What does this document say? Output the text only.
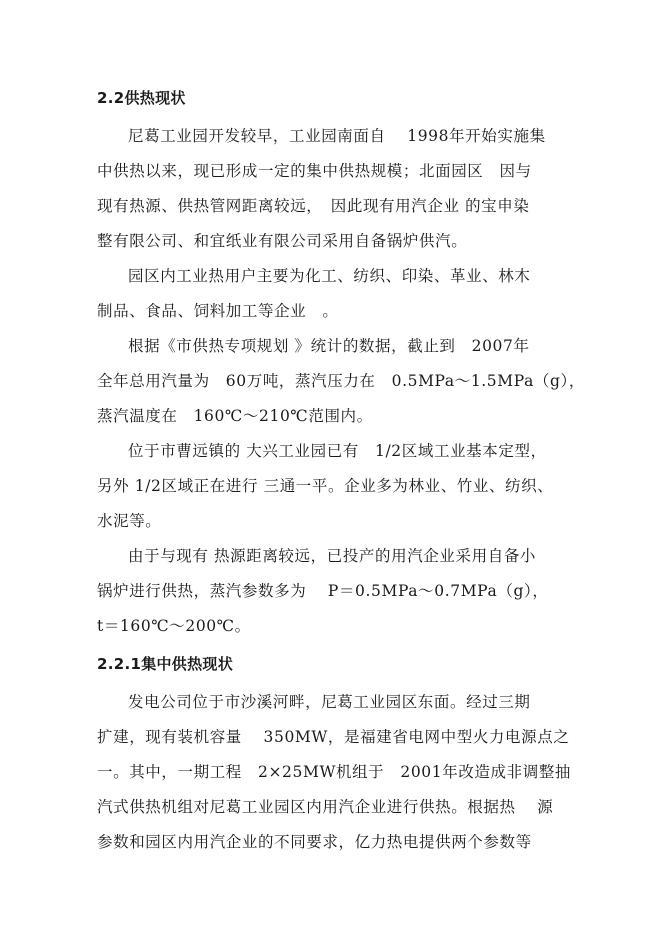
2.2供热现状
尼葛工业园开发较早，工业园南面自　 1998年开始实施集
中供热以来，现已形成一定的集中供热规模；北面园区　因与
现有热源、供热管网距离较远，　因此现有用汽企业 的宝申染
整有限公司、和宜纸业有限公司采用自备锅炉供汽。
园区内工业热用户主要为化工、纺织、印染、革业、林木
制品、食品、饲料加工等企业　。
根据《市供热专项规划 》统计的数据，截止到　2007年
全年总用汽量为　60万吨，蒸汽压力在　0.5MPa～1.5MPa（g），
蒸汽温度在　160℃～210℃范围内。
位于市曹远镇的 大兴工业园已有　1/2区域工业基本定型，
另外 1/2区域正在进行 三通一平。企业多为林业、竹业、纺织、
水泥等。
由于与现有 热源距离较远，已投产的用汽企业采用自备小
锅炉进行供热，蒸汽参数多为　 P＝0.5MPa～0.7MPa（g），
t＝160℃～200℃。
2.2.1集中供热现状
发电公司位于市沙溪河畔，尼葛工业园区东面。经过三期
扩建，现有装机容量　 350MW，是福建省电网中型火力电源点之
一。其中，一期工程　2×25MW机组于　2001年改造成非调整抽
汽式供热机组对尼葛工业园区内用汽企业进行供热。根据热　 源
参数和园区内用汽企业的不同要求，亿力热电提供两个参数等
